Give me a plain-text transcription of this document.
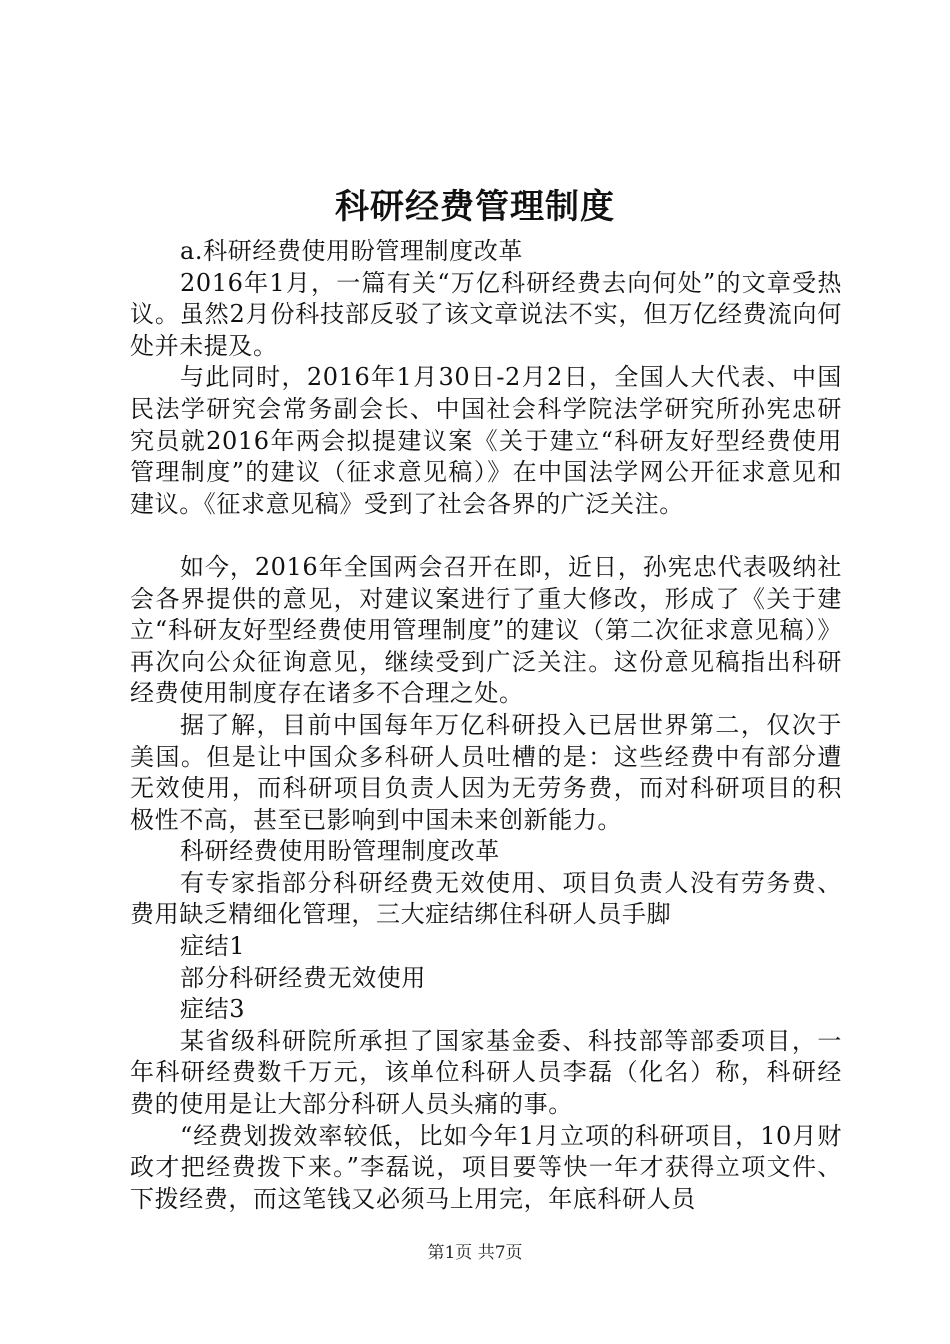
科研经费管理制度

a.科研经费使用盼管理制度改革

2016年1月，一篇有关“万亿科研经费去向何处”的文章受热议。虽然2月份科技部反驳了该文章说法不实，但万亿经费流向何处并未提及。

与此同时，2016年1月30日-2月2日，全国人大代表、中国民法学研究会常务副会长、中国社会科学院法学研究所孙宪忠研究员就2016年两会拟提建议案《关于建立“科研友好型经费使用管理制度”的建议（征求意见稿）》在中国法学网公开征求意见和建议。《征求意见稿》受到了社会各界的广泛关注。

如今，2016年全国两会召开在即，近日，孙宪忠代表吸纳社会各界提供的意见，对建议案进行了重大修改，形成了《关于建立“科研友好型经费使用管理制度”的建议（第二次征求意见稿）》再次向公众征询意见，继续受到广泛关注。这份意见稿指出科研经费使用制度存在诸多不合理之处。

据了解，目前中国每年万亿科研投入已居世界第二，仅次于美国。但是让中国众多科研人员吐槽的是：这些经费中有部分遭无效使用，而科研项目负责人因为无劳务费，而对科研项目的积极性不高，甚至已影响到中国未来创新能力。

科研经费使用盼管理制度改革

有专家指部分科研经费无效使用、项目负责人没有劳务费、费用缺乏精细化管理，三大症结绑住科研人员手脚

症结1

部分科研经费无效使用

症结3

某省级科研院所承担了国家基金委、科技部等部委项目，一年科研经费数千万元，该单位科研人员李磊（化名）称，科研经费的使用是让大部分科研人员头痛的事。

“经费划拨效率较低，比如今年1月立项的科研项目，10月财政才把经费拨下来。”李磊说，项目要等快一年才获得立项文件、下拨经费，而这笔钱又必须马上用完，年底科研人员

第1页 共7页
